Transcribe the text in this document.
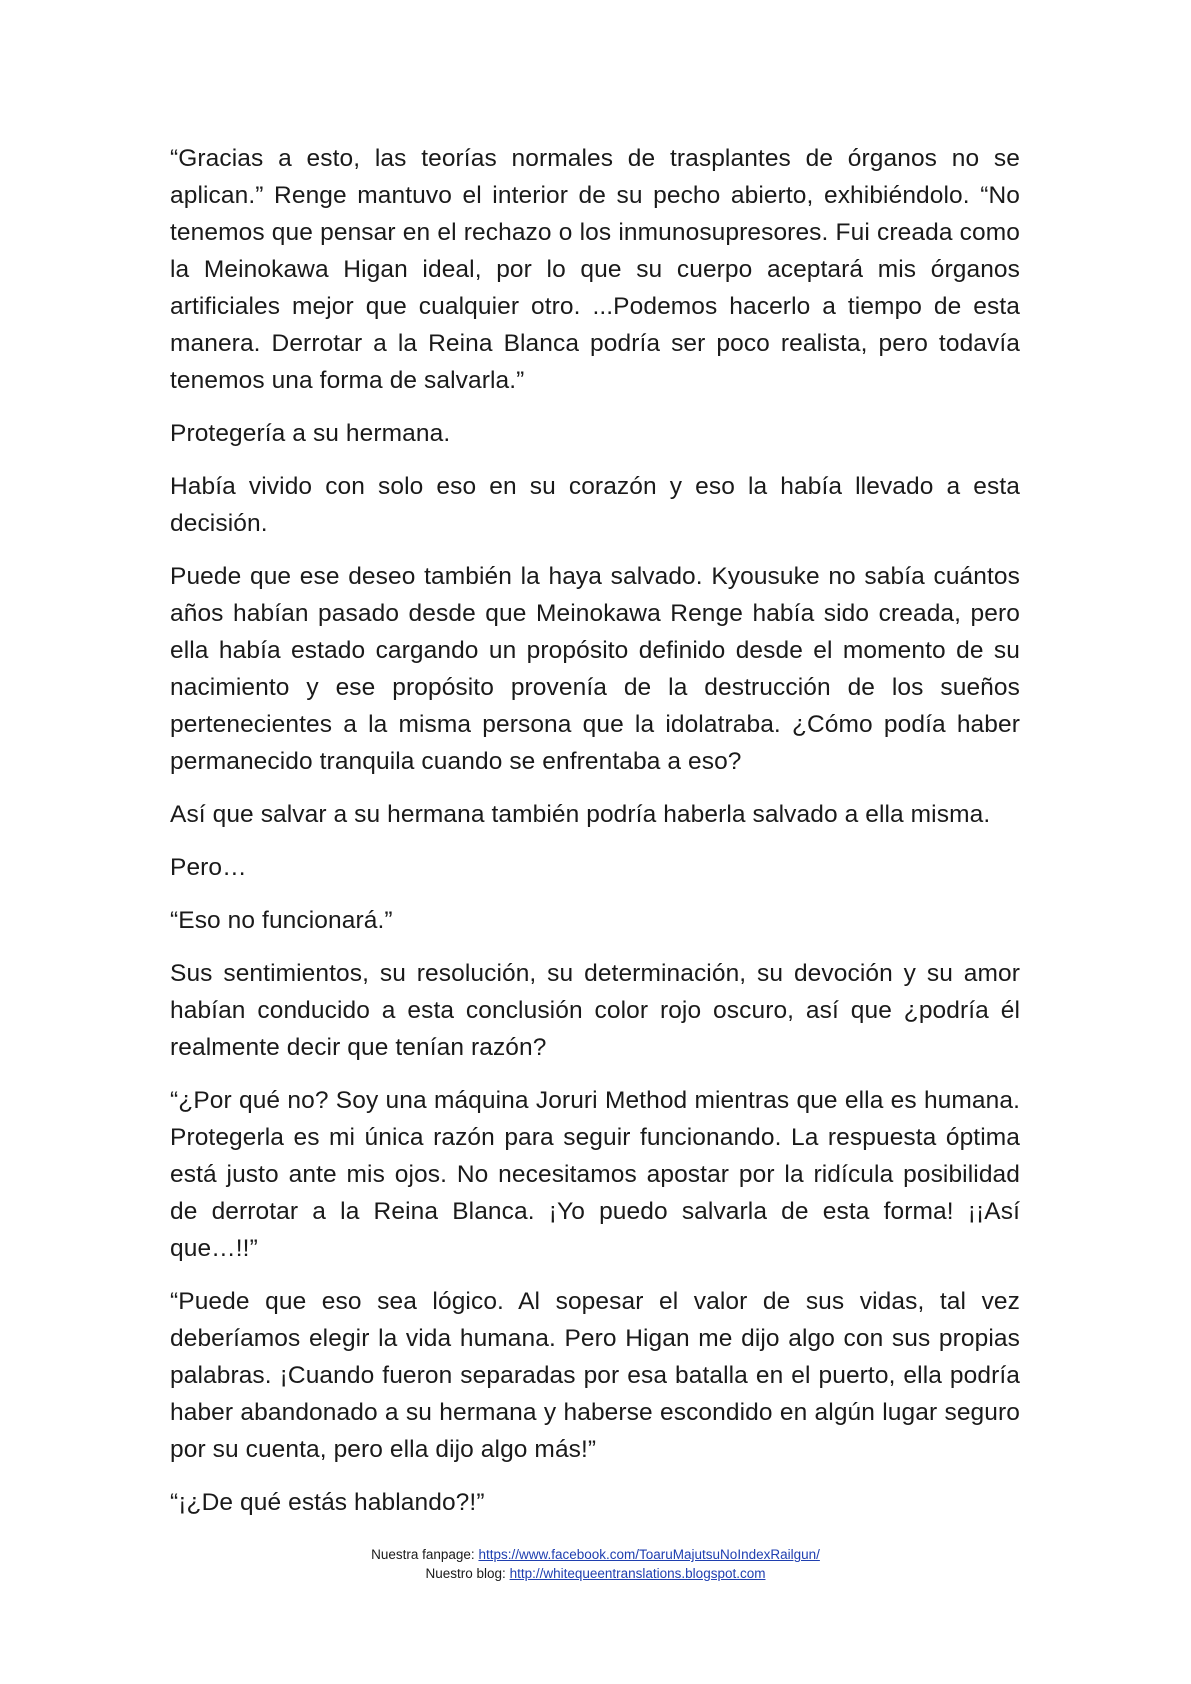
“Gracias a esto, las teorías normales de trasplantes de órganos no se aplican.” Renge mantuvo el interior de su pecho abierto, exhibiéndolo. “No tenemos que pensar en el rechazo o los inmunosupresores. Fui creada como la Meinokawa Higan ideal, por lo que su cuerpo aceptará mis órganos artificiales mejor que cualquier otro. ...Podemos hacerlo a tiempo de esta manera. Derrotar a la Reina Blanca podría ser poco realista, pero todavía tenemos una forma de salvarla.”

Protegería a su hermana.

Había vivido con solo eso en su corazón y eso la había llevado a esta decisión.

Puede que ese deseo también la haya salvado. Kyousuke no sabía cuántos años habían pasado desde que Meinokawa Renge había sido creada, pero ella había estado cargando un propósito definido desde el momento de su nacimiento y ese propósito provenía de la destrucción de los sueños pertenecientes a la misma persona que la idolatraba. ¿Cómo podía haber permanecido tranquila cuando se enfrentaba a eso?

Así que salvar a su hermana también podría haberla salvado a ella misma.

Pero…

“Eso no funcionará.”

Sus sentimientos, su resolución, su determinación, su devoción y su amor habían conducido a esta conclusión color rojo oscuro, así que ¿podría él realmente decir que tenían razón?

“¿Por qué no? Soy una máquina Joruri Method mientras que ella es humana. Protegerla es mi única razón para seguir funcionando. La respuesta óptima está justo ante mis ojos. No necesitamos apostar por la ridícula posibilidad de derrotar a la Reina Blanca. ¡Yo puedo salvarla de esta forma! ¡¡Así que…!!”

“Puede que eso sea lógico. Al sopesar el valor de sus vidas, tal vez deberíamos elegir la vida humana. Pero Higan me dijo algo con sus propias palabras. ¡Cuando fueron separadas por esa batalla en el puerto, ella podría haber abandonado a su hermana y haberse escondido en algún lugar seguro por su cuenta, pero ella dijo algo más!”

“¡¿De qué estás hablando?!”

Nuestra fanpage: https://www.facebook.com/ToaruMajutsuNoIndexRailgun/
Nuestro blog: http://whitequeentranslations.blogspot.com
